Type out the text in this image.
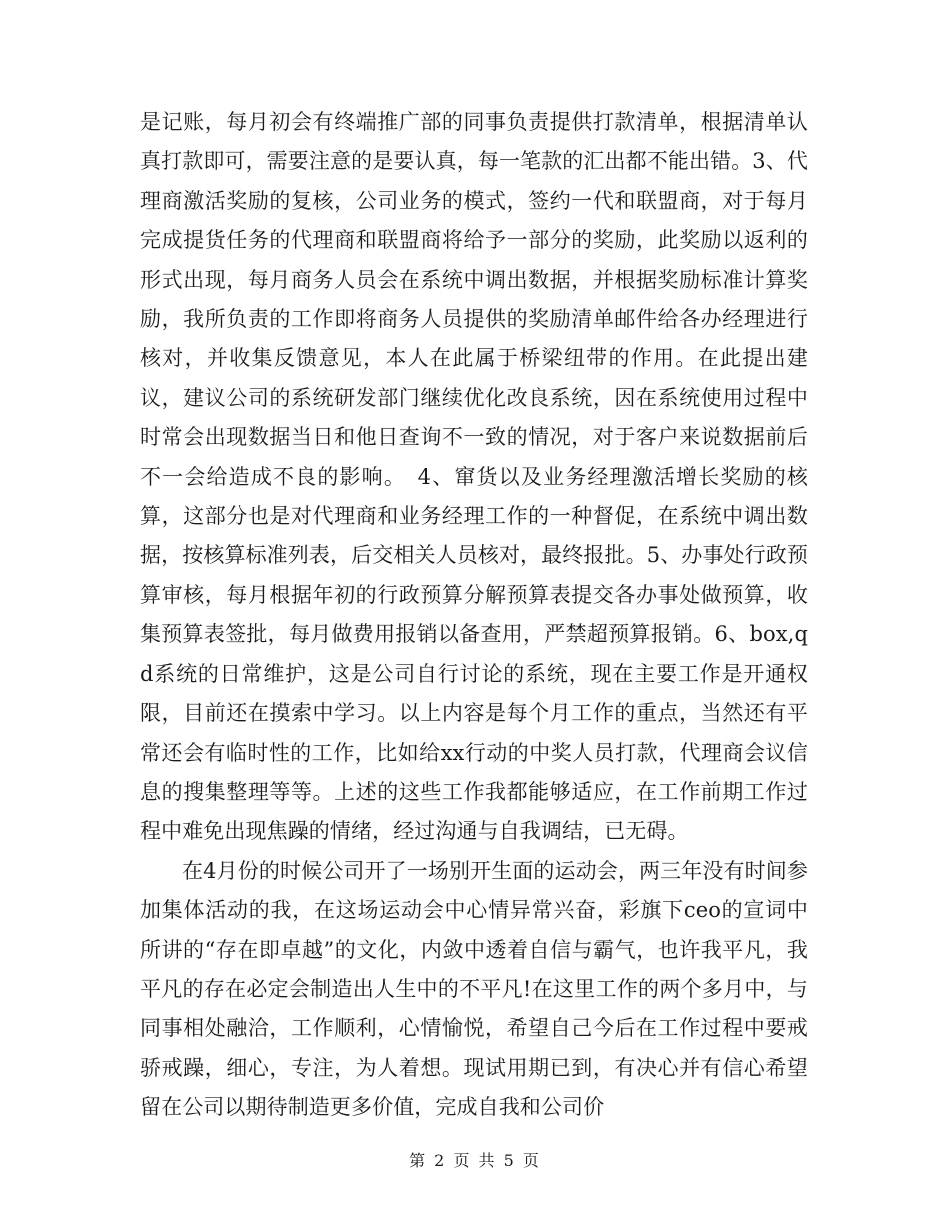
是记账，每月初会有终端推广部的同事负责提供打款清单，根据清单认真打款即可，需要注意的是要认真，每一笔款的汇出都不能出错。3、代理商激活奖励的复核，公司业务的模式，签约一代和联盟商，对于每月完成提货任务的代理商和联盟商将给予一部分的奖励，此奖励以返利的形式出现，每月商务人员会在系统中调出数据，并根据奖励标准计算奖励，我所负责的工作即将商务人员提供的奖励清单邮件给各办经理进行核对，并收集反馈意见，本人在此属于桥梁纽带的作用。在此提出建议，建议公司的系统研发部门继续优化改良系统，因在系统使用过程中时常会出现数据当日和他日查询不一致的情况，对于客户来说数据前后不一会给造成不良的影响。　4、窜货以及业务经理激活增长奖励的核算，这部分也是对代理商和业务经理工作的一种督促，在系统中调出数据，按核算标准列表，后交相关人员核对，最终报批。5、办事处行政预算审核，每月根据年初的行政预算分解预算表提交各办事处做预算，收集预算表签批，每月做费用报销以备查用，严禁超预算报销。6、box,qd系统的日常维护，这是公司自行讨论的系统，现在主要工作是开通权限，目前还在摸索中学习。以上内容是每个月工作的重点，当然还有平常还会有临时性的工作，比如给xx行动的中奖人员打款，代理商会议信息的搜集整理等等。上述的这些工作我都能够适应，在工作前期工作过程中难免出现焦躁的情绪，经过沟通与自我调结，已无碍。

在4月份的时候公司开了一场别开生面的运动会，两三年没有时间参加集体活动的我，在这场运动会中心情异常兴奋，彩旗下ceo的宣词中所讲的“存在即卓越”的文化，内敛中透着自信与霸气，也许我平凡，我平凡的存在必定会制造出人生中的不平凡!在这里工作的两个多月中，与同事相处融洽，工作顺利，心情愉悦，希望自己今后在工作过程中要戒骄戒躁，细心，专注，为人着想。现试用期已到，有决心并有信心希望留在公司以期待制造更多价值，完成自我和公司价

第 2 页 共 5 页
